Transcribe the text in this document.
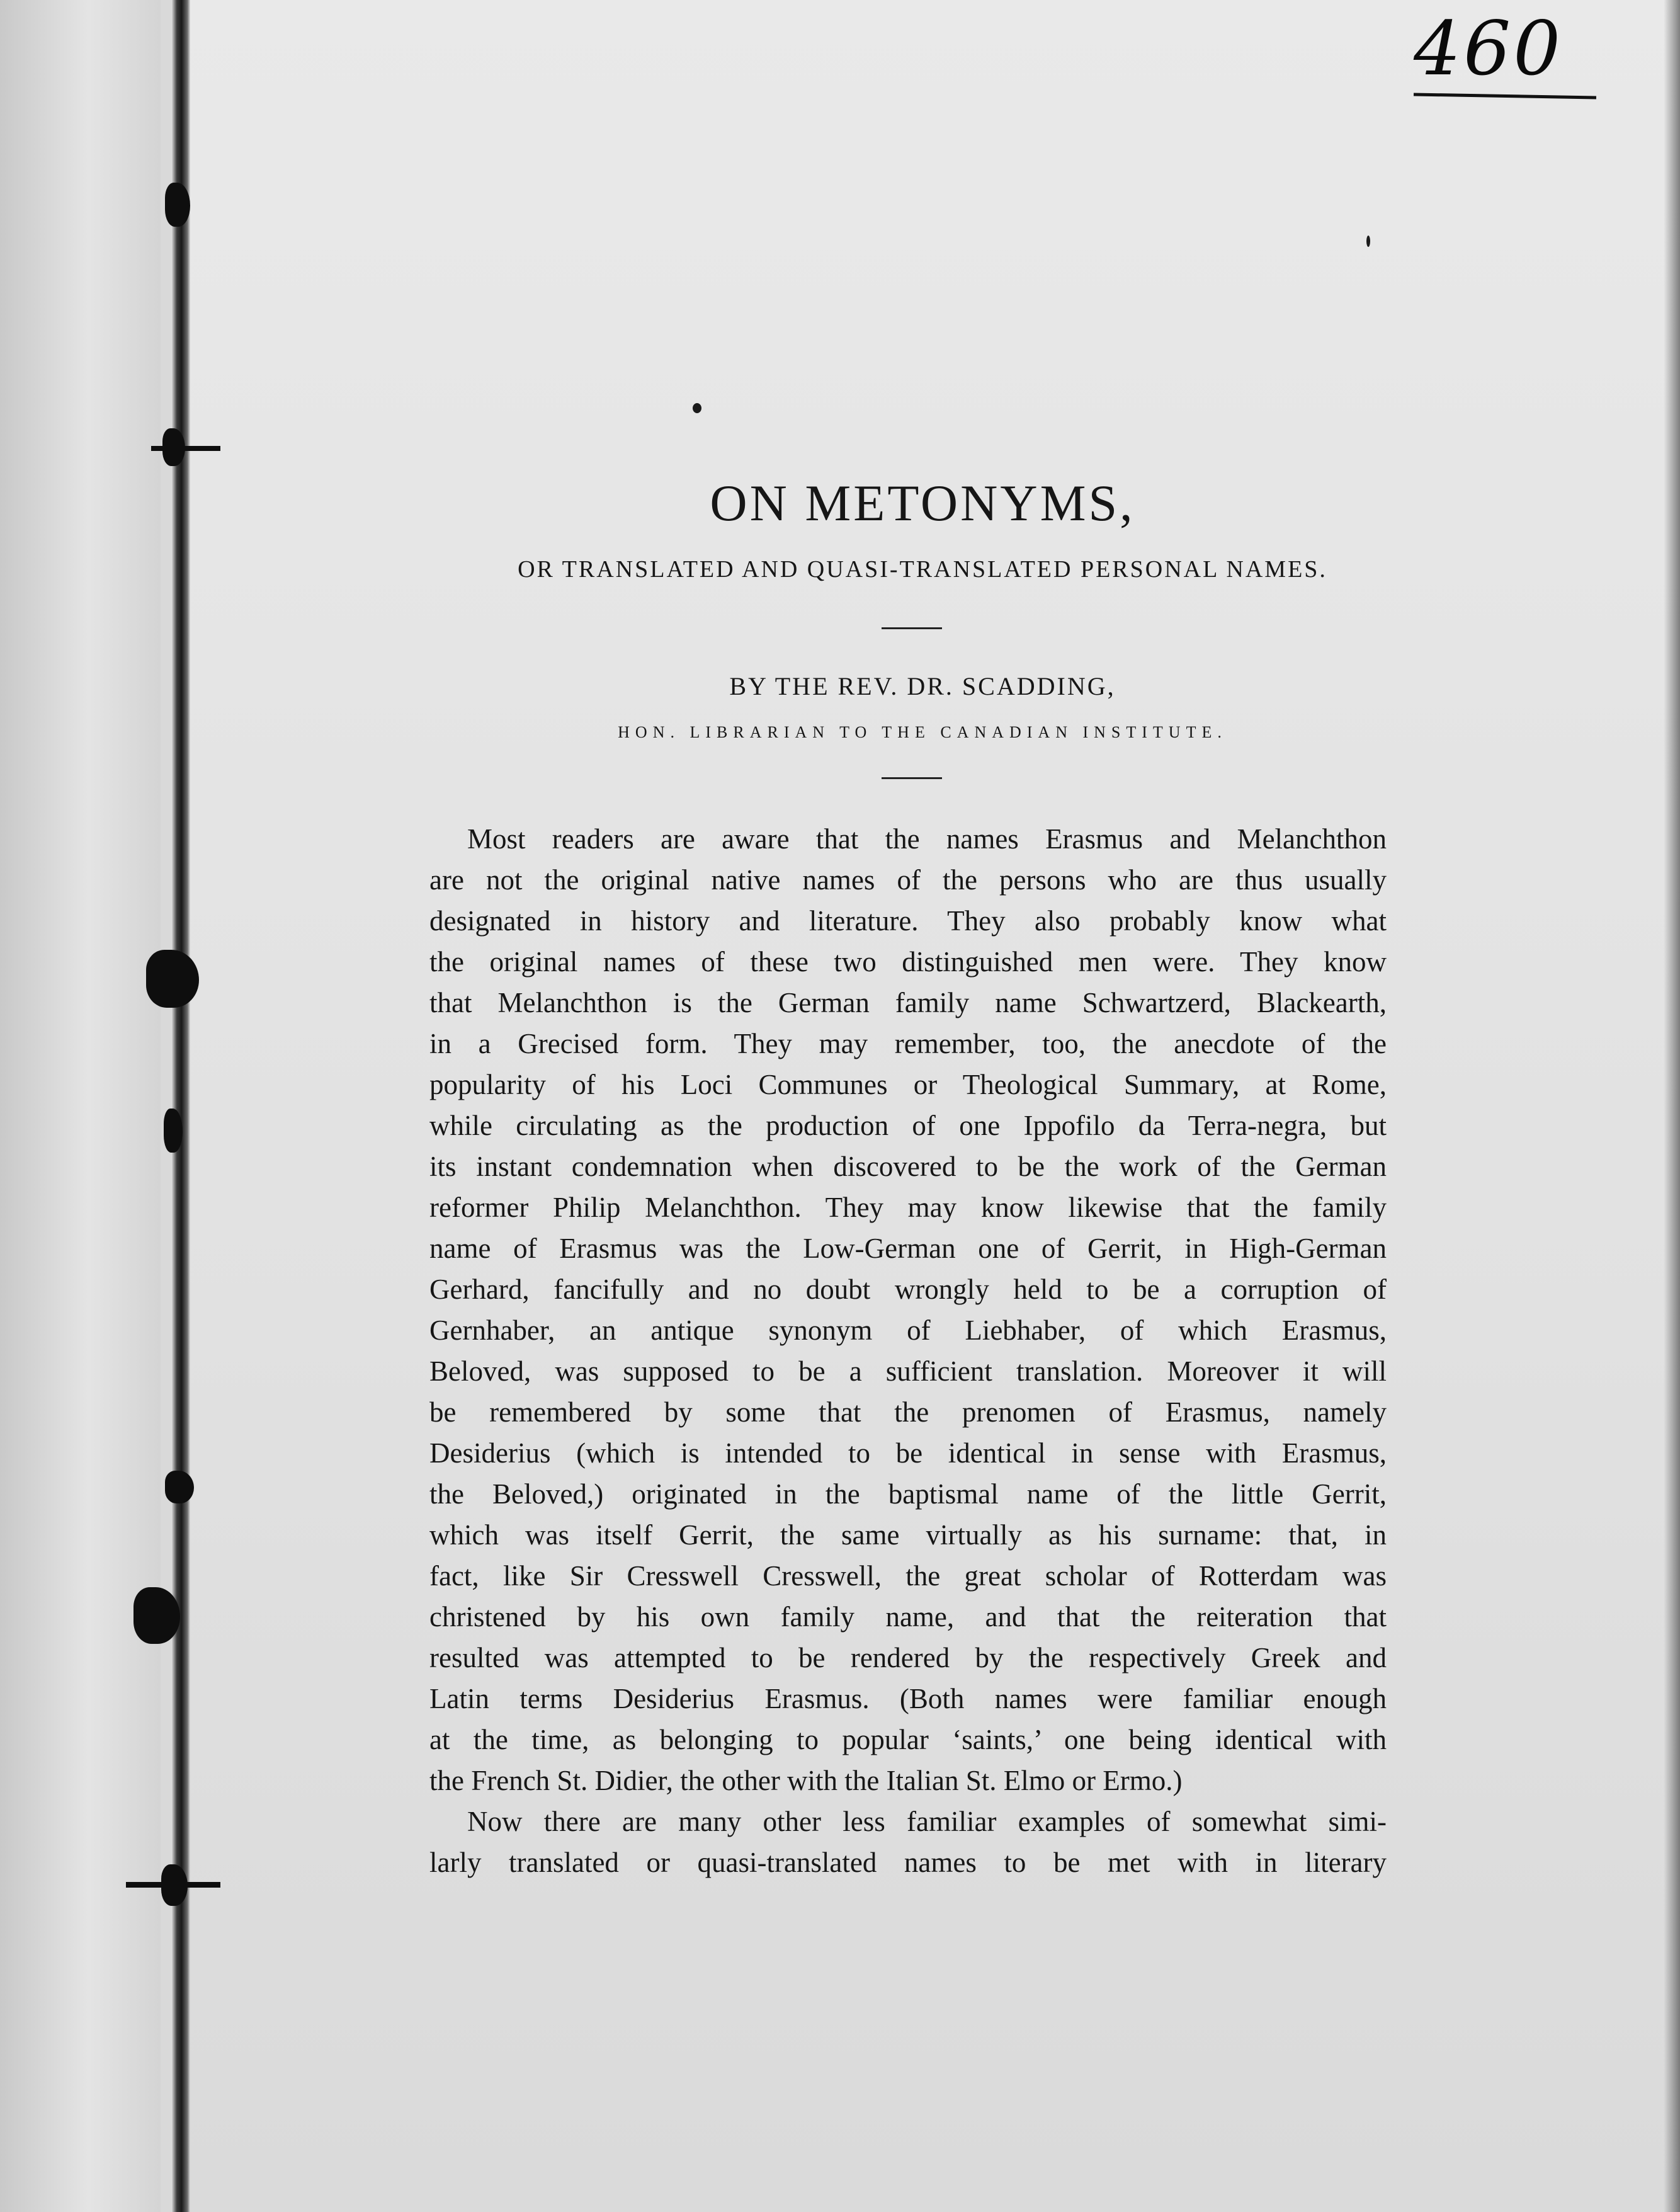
460
ON METONYMS,
OR TRANSLATED AND QUASI-TRANSLATED PERSONAL NAMES.
BY THE REV. DR. SCADDING,
HON. LIBRARIAN TO THE CANADIAN INSTITUTE.
Most readers are aware that the names Erasmus and Melanchthon
are not the original native names of the persons who are thus usually
designated in history and literature. They also probably know what
the original names of these two distinguished men were. They know
that Melanchthon is the German family name Schwartzerd, Blackearth,
in a Grecised form. They may remember, too, the anecdote of the
popularity of his Loci Communes or Theological Summary, at Rome,
while circulating as the production of one Ippofilo da Terra-negra, but
its instant condemnation when discovered to be the work of the German
reformer Philip Melanchthon. They may know likewise that the family
name of Erasmus was the Low-German one of Gerrit, in High-German
Gerhard, fancifully and no doubt wrongly held to be a corruption of
Gernhaber, an antique synonym of Liebhaber, of which Erasmus,
Beloved, was supposed to be a sufficient translation. Moreover it will
be remembered by some that the prenomen of Erasmus, namely
Desiderius (which is intended to be identical in sense with Erasmus,
the Beloved,) originated in the baptismal name of the little Gerrit,
which was itself Gerrit, the same virtually as his surname: that, in
fact, like Sir Cresswell Cresswell, the great scholar of Rotterdam was
christened by his own family name, and that the reiteration that
resulted was attempted to be rendered by the respectively Greek and
Latin terms Desiderius Erasmus. (Both names were familiar enough
at the time, as belonging to popular ‘saints,’ one being identical with
the French St. Didier, the other with the Italian St. Elmo or Ermo.)
Now there are many other less familiar examples of somewhat simi-
larly translated or quasi-translated names to be met with in literary
